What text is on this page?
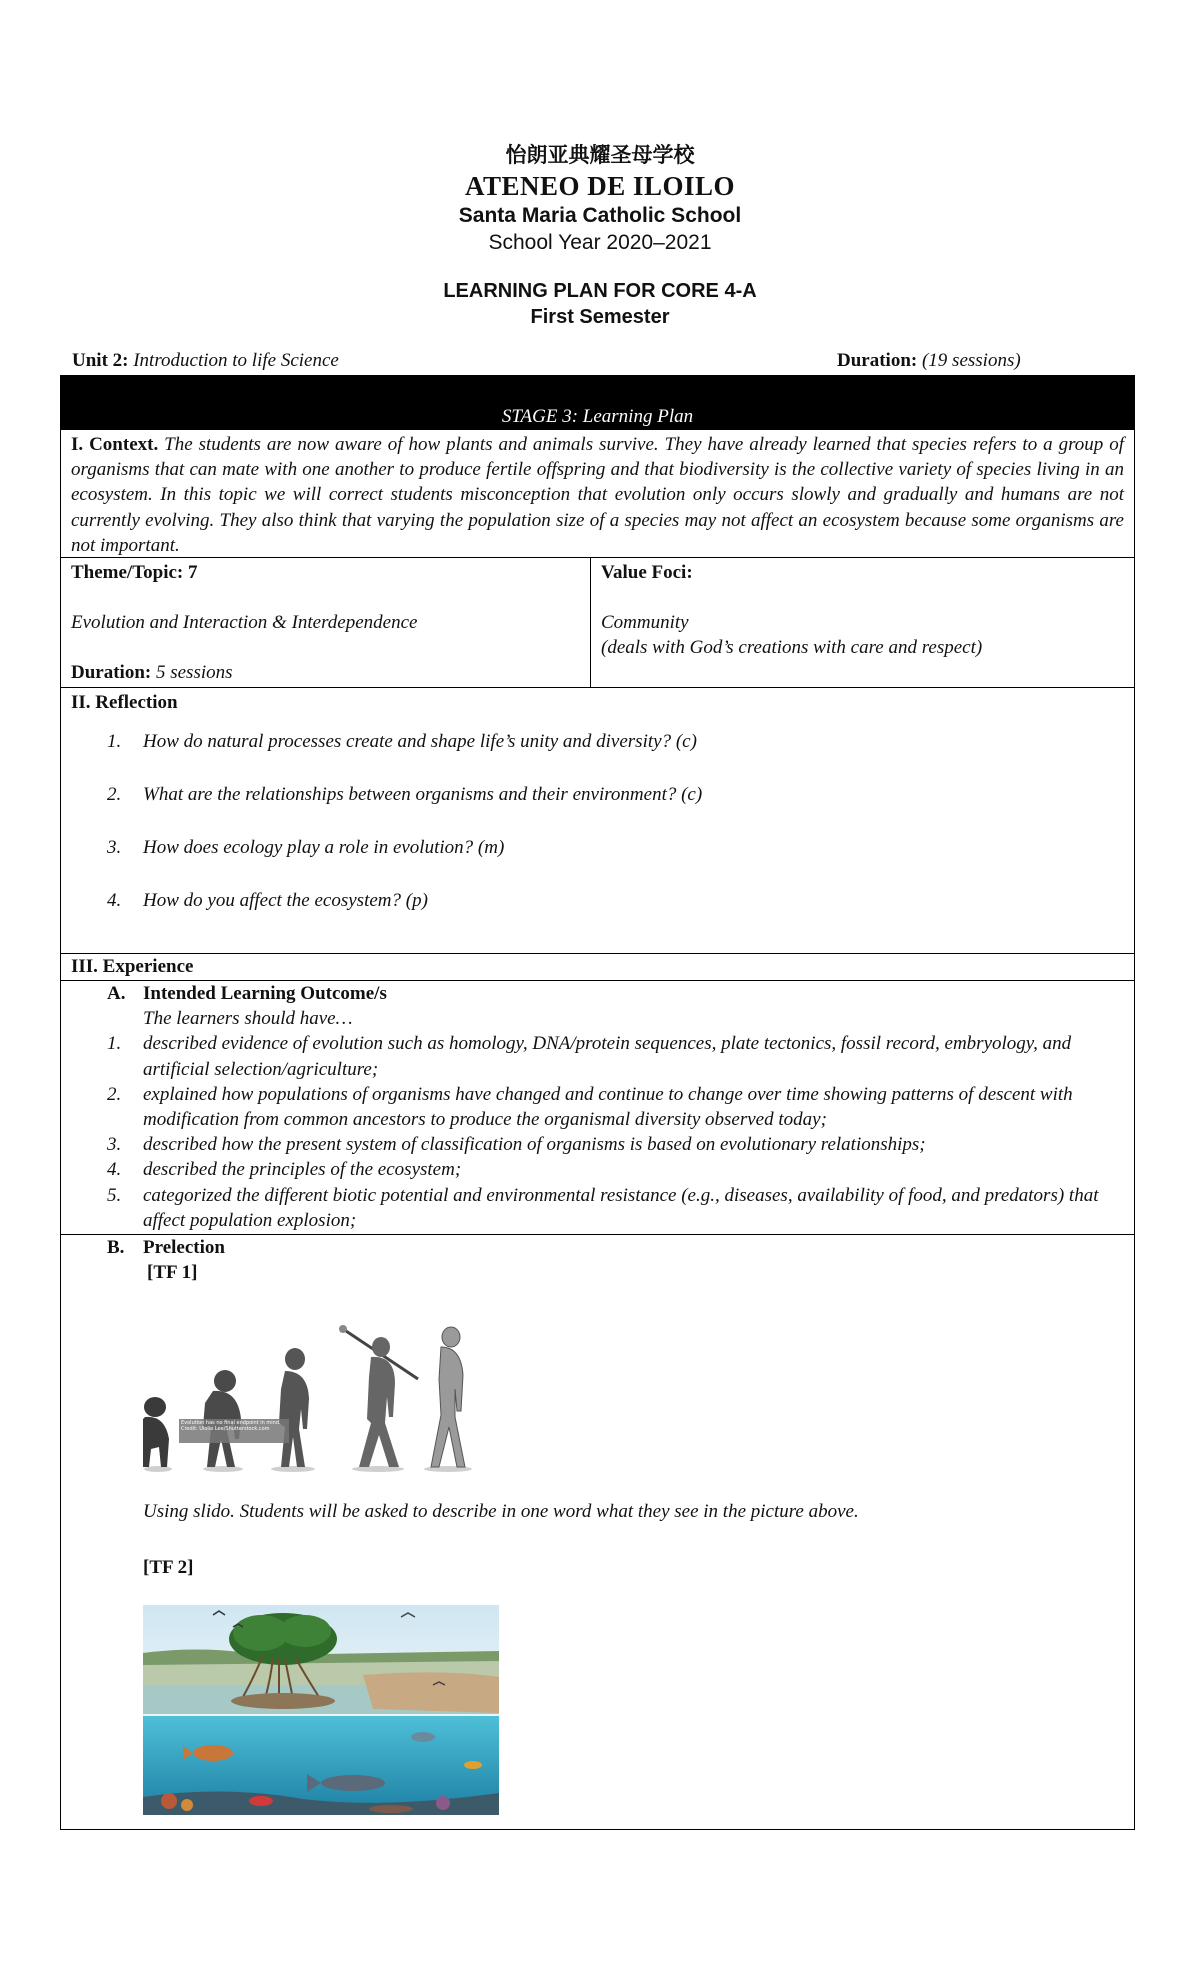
怡朗亚典耀圣母学校
ATENEO DE ILOILO
Santa Maria Catholic School
School Year 2020–2021
LEARNING PLAN FOR CORE 4-A
First Semester
Unit 2: Introduction to life Science	Duration: (19 sessions)
STAGE 3: Learning Plan
I. Context. The students are now aware of how plants and animals survive. They have already learned that species refers to a group of organisms that can mate with one another to produce fertile offspring and that biodiversity is the collective variety of species living in an ecosystem. In this topic we will correct students misconception that evolution only occurs slowly and gradually and humans are not currently evolving. They also think that varying the population size of a species may not affect an ecosystem because some organisms are not important.
Theme/Topic: 7
Evolution and Interaction & Interdependence
Duration: 5 sessions
Value Foci:
Community
(deals with God’s creations with care and respect)
II. Reflection
1. How do natural processes create and shape life’s unity and diversity? (c)
2. What are the relationships between organisms and their environment? (c)
3. How does ecology play a role in evolution? (m)
4. How do you affect the ecosystem? (p)
III. Experience
A. Intended Learning Outcome/s
The learners should have…
1. described evidence of evolution such as homology, DNA/protein sequences, plate tectonics, fossil record, embryology, and artificial selection/agriculture;
2. explained how populations of organisms have changed and continue to change over time showing patterns of descent with modification from common ancestors to produce the organismal diversity observed today;
3. described how the present system of classification of organisms is based on evolutionary relationships;
4. described the principles of the ecosystem;
5. categorized the different biotic potential and environmental resistance (e.g., diseases, availability of food, and predators) that affect population explosion;
B. Prelection
[TF 1]
Evolution has no final endpoint in mind. Credit: Ulolie Lee/Shutterstock.com
Using slido. Students will be asked to describe in one word what they see in the picture above.
[TF 2]
